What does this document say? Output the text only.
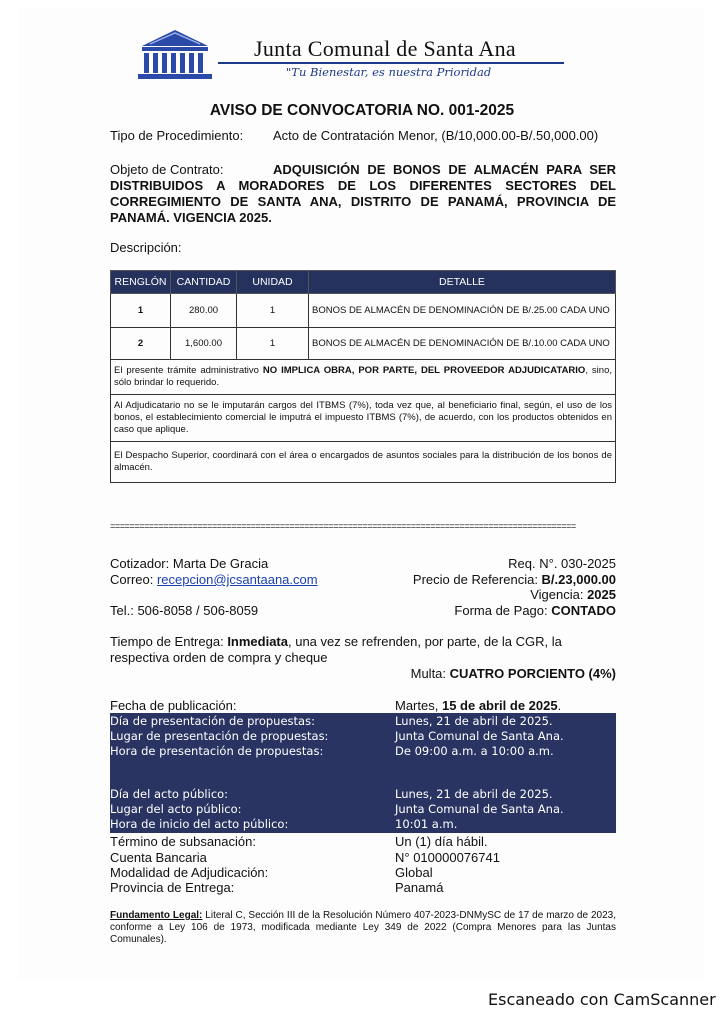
Junta Comunal de Santa Ana
"Tu Bienestar, es nuestra Prioridad
AVISO DE CONVOCATORIA NO. 001-2025
Tipo de Procedimiento: Acto de Contratación Menor, (B/10,000.00-B/.50,000.00)
Objeto de Contrato:	ADQUISICIÓN DE BONOS DE ALMACÉN PARA SER DISTRIBUIDOS A MORADORES DE LOS DIFERENTES SECTORES DEL CORREGIMIENTO DE SANTA ANA, DISTRITO DE PANAMÁ, PROVINCIA DE PANAMÁ. VIGENCIA 2025.
Descripción:
RENGLÓN	CANTIDAD	UNIDAD	DETALLE
1	280.00	1	BONOS DE ALMACÉN DE DENOMINACIÓN DE B/.25.00 CADA UNO
2	1,600.00	1	BONOS DE ALMACÉN DE DENOMINACIÓN DE B/.10.00 CADA UNO
El presente trámite administrativo NO IMPLICA OBRA, POR PARTE, DEL PROVEEDOR ADJUDICATARIO, sino, sólo brindar lo requerido.			
Al Adjudicatario no se le imputarán cargos del ITBMS (7%), toda vez que, al beneficiario final, según, el uso de los bonos, el establecimiento comercial le imputrá el impuesto ITBMS (7%), de acuerdo, con los productos obtenidos en caso que aplique.			
El Despacho Superior, coordinará con el área o encargados de asuntos sociales para la distribución de los bonos de almacén.			
================================================================================================
Cotizador: Marta De Gracia
Correo: recepcion@jcsantaana.com
Tel.: 506-8058 / 506-8059
Req. N°. 030-2025
Precio de Referencia: B/.23,000.00
Vigencia: 2025
Forma de Pago: CONTADO
Tiempo de Entrega: Inmediata, una vez se refrenden, por parte, de la CGR, la respectiva orden de compra y cheque
Multa: CUATRO PORCIENTO (4%)
Fecha de publicación:	Martes, 15 de abril de 2025.
Día de presentación de propuestas:	Lunes, 21 de abril de 2025.
Lugar de presentación de propuestas:	Junta Comunal de Santa Ana.
Hora de presentación de propuestas:	De 09:00 a.m. a 10:00 a.m.
Día del acto público:	Lunes, 21 de abril de 2025.
Lugar del acto público:	Junta Comunal de Santa Ana.
Hora de inicio del acto público:	10:01 a.m.
Término de subsanación:	Un (1) día hábil.
Cuenta Bancaria	N° 010000076741
Modalidad de Adjudicación:	Global
Provincia de Entrega:	Panamá
Fundamento Legal: Literal C, Sección III de la Resolución Número 407-2023-DNMySC de 17 de marzo de 2023, conforme a Ley 106 de 1973, modificada mediante Ley 349 de 2022 (Compra Menores para las Juntas Comunales).
Escaneado con CamScanner
